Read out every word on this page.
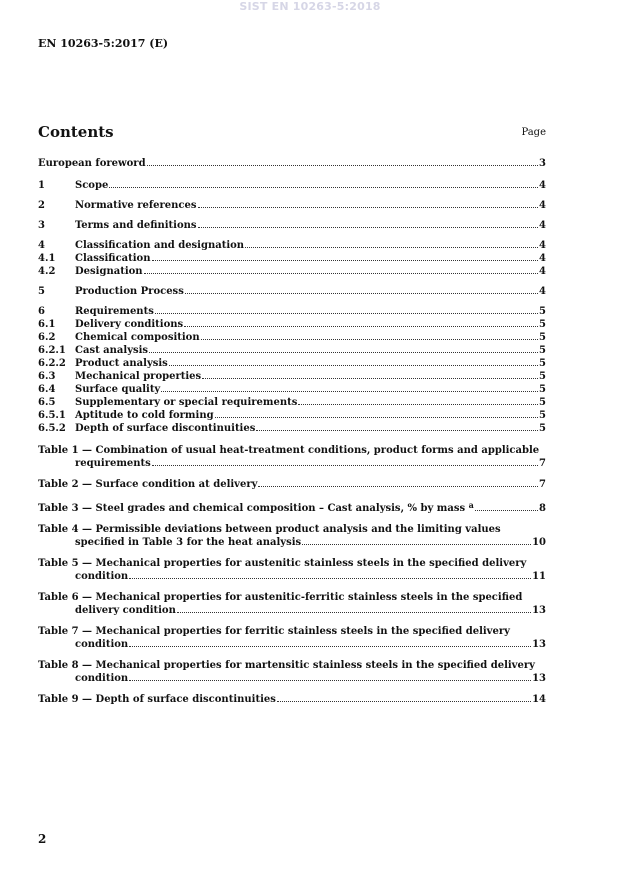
SIST EN 10263-5:2018
EN 10263-5:2017 (E)
Contents	Page
European foreword	3
1	Scope	4
2	Normative references	4
3	Terms and definitions	4
4	Classification and designation	4
4.1	Classification	4
4.2	Designation	4
5	Production Process	4
6	Requirements	5
6.1	Delivery conditions	5
6.2	Chemical composition	5
6.2.1 Cast analysis	5
6.2.2 Product analysis	5
6.3	Mechanical properties	5
6.4	Surface quality	5
6.5	Supplementary or special requirements	5
6.5.1 Aptitude to cold forming	5
6.5.2 Depth of surface discontinuities	5
Table 1 — Combination of usual heat-treatment conditions, product forms and applicable
requirements	7
Table 2 — Surface condition at delivery	7
Table 3 — Steel grades and chemical composition – Cast analysis, % by mass $^a$	8
Table 4 — Permissible deviations between product analysis and the limiting values
specified in Table 3 for the heat analysis	10
Table 5 — Mechanical properties for austenitic stainless steels in the specified delivery
condition	11
Table 6 — Mechanical properties for austenitic-ferritic stainless steels in the specified
delivery condition	13
Table 7 — Mechanical properties for ferritic stainless steels in the specified delivery
condition	13
Table 8 — Mechanical properties for martensitic stainless steels in the specified delivery
condition	13
Table 9 — Depth of surface discontinuities	14
2
